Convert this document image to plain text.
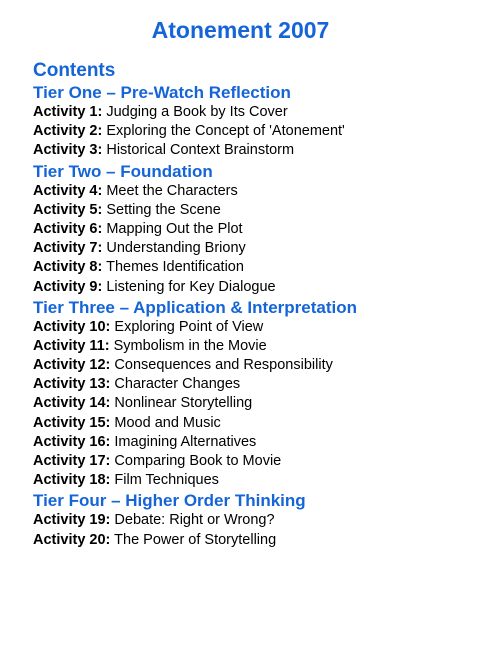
Atonement 2007
Contents
Tier One – Pre-Watch Reflection
Activity 1: Judging a Book by Its Cover
Activity 2: Exploring the Concept of 'Atonement'
Activity 3: Historical Context Brainstorm
Tier Two – Foundation
Activity 4: Meet the Characters
Activity 5: Setting the Scene
Activity 6: Mapping Out the Plot
Activity 7: Understanding Briony
Activity 8: Themes Identification
Activity 9: Listening for Key Dialogue
Tier Three – Application & Interpretation
Activity 10: Exploring Point of View
Activity 11: Symbolism in the Movie
Activity 12: Consequences and Responsibility
Activity 13: Character Changes
Activity 14: Nonlinear Storytelling
Activity 15: Mood and Music
Activity 16: Imagining Alternatives
Activity 17: Comparing Book to Movie
Activity 18: Film Techniques
Tier Four – Higher Order Thinking
Activity 19: Debate: Right or Wrong?
Activity 20: The Power of Storytelling
